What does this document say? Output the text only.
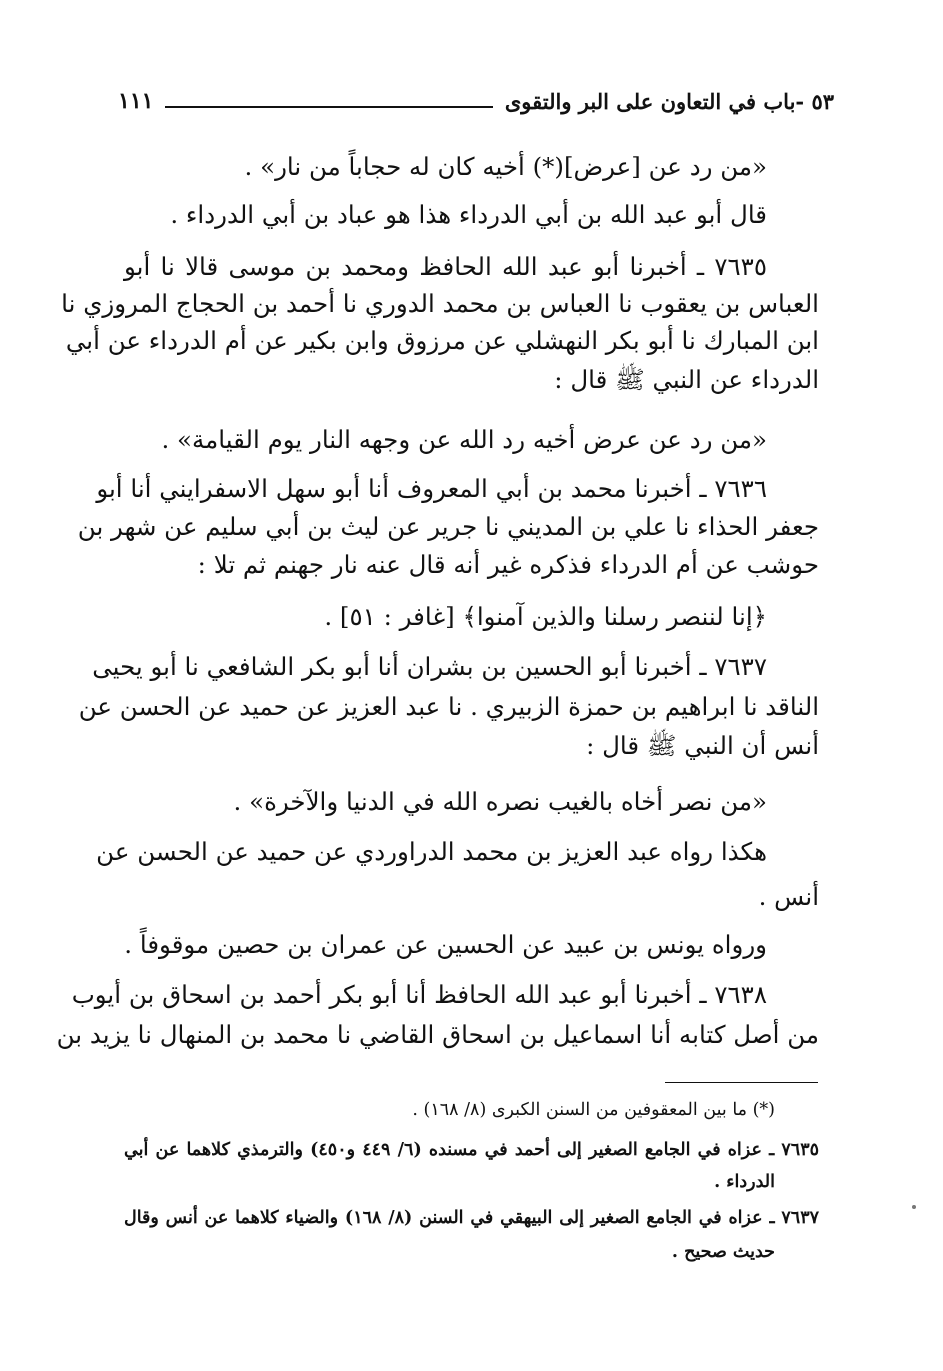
٥٣ -باب في التعاون على البر والتقوى
١١١
«من رد عن [عرض](*) أخيه كان له حجاباً من نار» .
قال أبو عبد الله بن أبي الدرداء هذا هو عباد بن أبي الدرداء .
٧٦٣٥ ـ أخبرنا أبو عبد الله الحافظ ومحمد بن موسى قالا نا أبو
العباس بن يعقوب نا العباس بن محمد الدوري نا أحمد بن الحجاج المروزي نا
ابن المبارك نا أبو بكر النهشلي عن مرزوق وابن بكير عن أم الدرداء عن أبي
الدرداء عن النبي ﷺ قال :
«من رد عن عرض أخيه رد الله عن وجهه النار يوم القيامة» .
٧٦٣٦ ـ أخبرنا محمد بن أبي المعروف أنا أبو سهل الاسفرايني أنا أبو
جعفر الحذاء نا علي بن المديني نا جرير عن ليث بن أبي سليم عن شهر بن
حوشب عن أم الدرداء فذكره غير أنه قال عنه نار جهنم ثم تلا :
﴿إنا لننصر رسلنا والذين آمنوا﴾ [غافر : ٥١] .
٧٦٣٧ ـ أخبرنا أبو الحسين بن بشران أنا أبو بكر الشافعي نا أبو يحيى
الناقد نا ابراهيم بن حمزة الزبيري . نا عبد العزيز عن حميد عن الحسن عن
أنس أن النبي ﷺ قال :
«من نصر أخاه بالغيب نصره الله في الدنيا والآخرة» .
هكذا رواه عبد العزيز بن محمد الدراوردي عن حميد عن الحسن عن
أنس .
ورواه يونس بن عبيد عن الحسين عن عمران بن حصين موقوفاً .
٧٦٣٨ ـ أخبرنا أبو عبد الله الحافظ أنا أبو بكر أحمد بن اسحاق بن أيوب
من أصل كتابه أنا اسماعيل بن اسحاق القاضي نا محمد بن المنهال نا يزيد بن
(*) ما بين المعقوفين من السنن الكبرى (٨/ ١٦٨) .
٧٦٣٥ ـ عزاه في الجامع الصغير إلى أحمد في مسنده (٦/ ٤٤٩ و٤٥٠) والترمذي كلاهما عن أبي
الدرداء .
٧٦٣٧ ـ عزاه في الجامع الصغير إلى البيهقي في السنن (٨/ ١٦٨) والضياء كلاهما عن أنس وقال
حديث صحيح .
